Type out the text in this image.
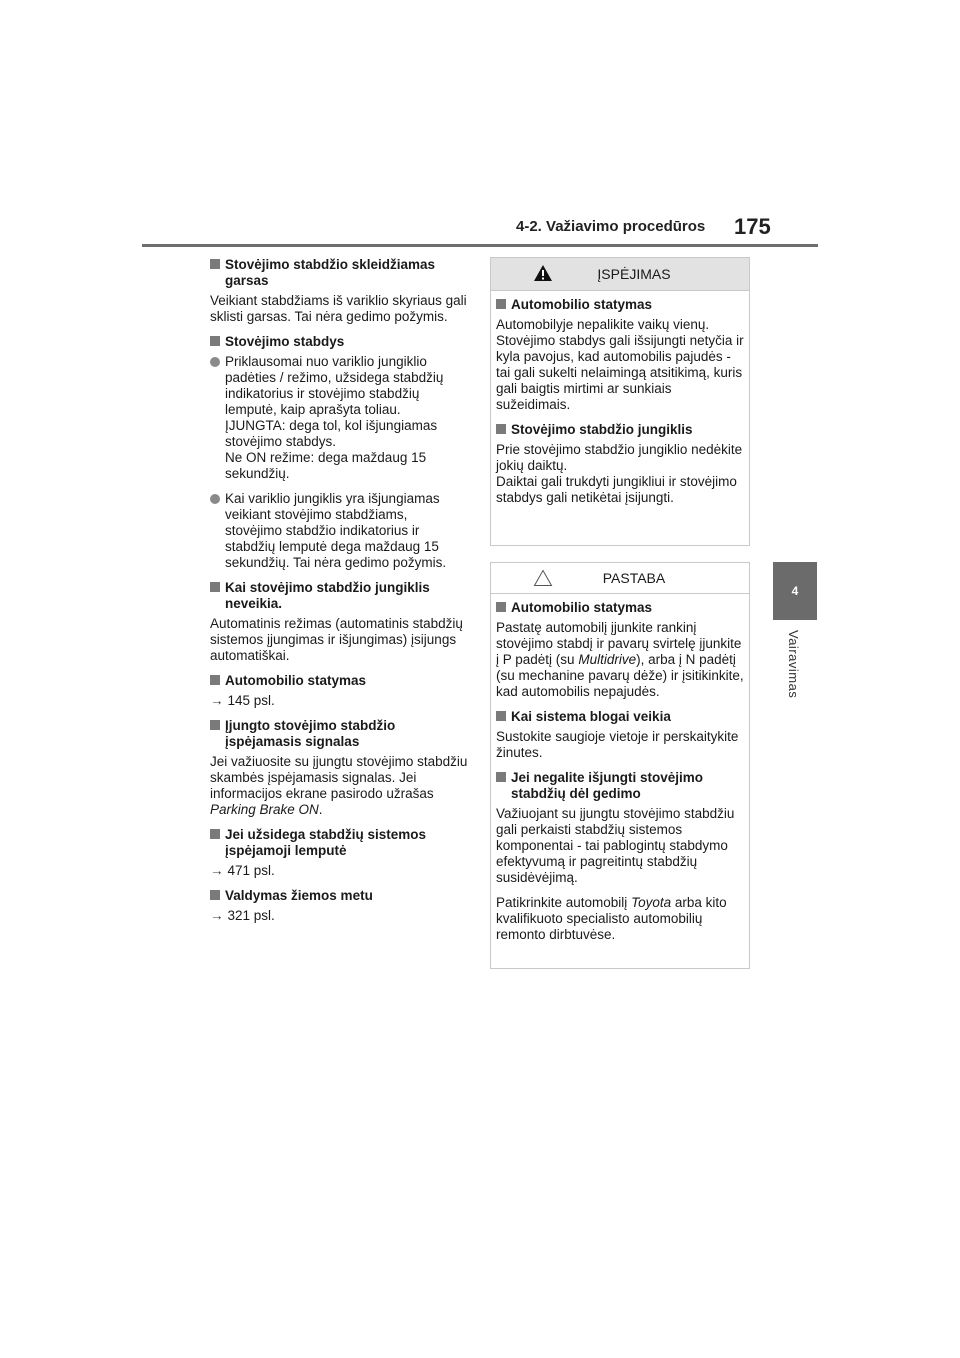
4-2. Važiavimo procedūros 175
4
Vairavimas
Stovėjimo stabdžio skleidžiamas garsas

Veikiant stabdžiams iš variklio skyriaus gali sklisti garsas. Tai nėra gedimo požymis.

Stovėjimo stabdys
Priklausomai nuo variklio jungiklio padėties / režimo, užsidega stabdžių indikatorius ir stovėjimo stabdžių lemputė, kaip aprašyta toliau.
ĮJUNGTA: dega tol, kol išjungiamas stovėjimo stabdys.
Ne ON režime: dega maždaug 15 sekundžių.
Kai variklio jungiklis yra išjungiamas veikiant stovėjimo stabdžiams, stovėjimo stabdžio indikatorius ir stabdžių lemputė dega maždaug 15 sekundžių. Tai nėra gedimo požymis.
Kai stovėjimo stabdžio jungiklis neveikia.

Automatinis režimas (automatinis stabdžių sistemos įjungimas ir išjungimas) įsijungs automatiškai.

Automobilio statymas

→ 145 psl.

Įjungto stovėjimo stabdžio įspėjamasis signalas

Jei važiuosite su įjungtu stovėjimo stabdžiu skambės įspėjamasis signalas. Jei informacijos ekrane pasirodo užrašas Parking Brake ON.

Jei užsidega stabdžių sistemos įspėjamoji lemputė

→ 471 psl.

Valdymas žiemos metu

→ 321 psl.

ĮSPĖJIMAS
Automobilio statymas

Automobilyje nepalikite vaikų vienų. Stovėjimo stabdys gali išsijungti netyčia ir kyla pavojus, kad automobilis pajudės - tai gali sukelti nelaimingą atsitikimą, kuris gali baigtis mirtimi ar sunkiais sužeidimais.

Stovėjimo stabdžio jungiklis

Prie stovėjimo stabdžio jungiklio nedėkite jokių daiktų.
Daiktai gali trukdyti jungikliui ir stovėjimo stabdys gali netikėtai įsijungti.

PASTABA
Automobilio statymas

Pastatę automobilį įjunkite rankinį stovėjimo stabdį ir pavarų svirtelę įjunkite į P padėtį (su Multidrive), arba į N padėtį (su mechanine pavarų dėže) ir įsitikinkite, kad automobilis nepajudės.

Kai sistema blogai veikia

Sustokite saugioje vietoje ir perskaitykite žinutes.

Jei negalite išjungti stovėjimo stabdžių dėl gedimo

Važiuojant su įjungtu stovėjimo stabdžiu gali perkaisti stabdžių sistemos komponentai - tai pablogintų stabdymo efektyvumą ir pagreitintų stabdžių susidėvėjimą.

Patikrinkite automobilį Toyota arba kito kvalifikuoto specialisto automobilių remonto dirbtuvėse.
